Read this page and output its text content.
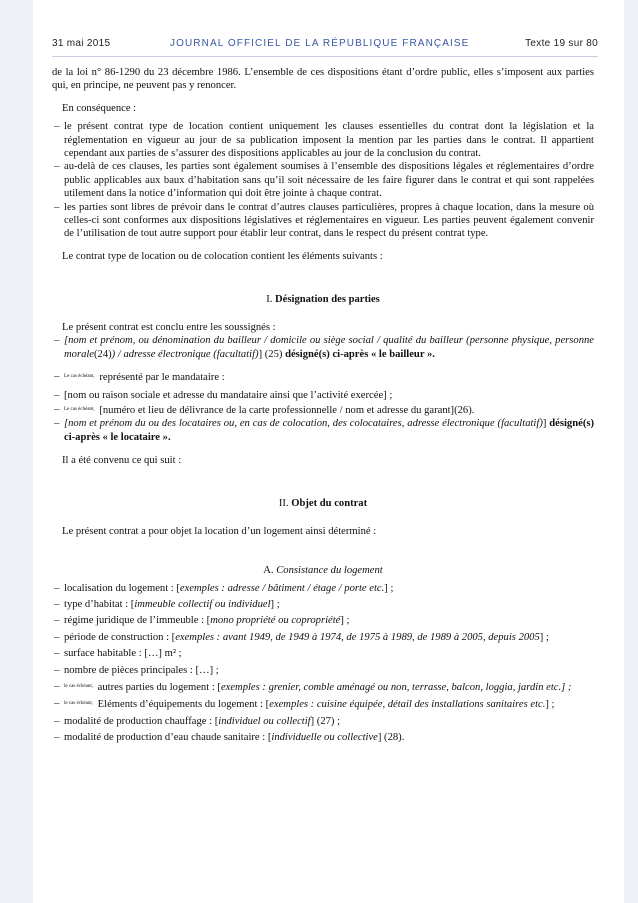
31 mai 2015	JOURNAL OFFICIEL DE LA RÉPUBLIQUE FRANÇAISE	Texte 19 sur 80

de la loi n° 86-1290 du 23 décembre 1986. L’ensemble de ces dispositions étant d’ordre public, elles s’imposent aux parties qui, en principe, ne peuvent pas y renoncer.

En conséquence :

– le présent contrat type de location contient uniquement les clauses essentielles du contrat dont la législation et la réglementation en vigueur au jour de sa publication imposent la mention par les parties dans le contrat. Il appartient cependant aux parties de s’assurer des dispositions applicables au jour de la conclusion du contrat.
– au-delà de ces clauses, les parties sont également soumises à l’ensemble des dispositions légales et réglementaires d’ordre public applicables aux baux d’habitation sans qu’il soit nécessaire de les faire figurer dans le contrat et qui sont rappelées utilement dans la notice d’information qui doit être jointe à chaque contrat.
– les parties sont libres de prévoir dans le contrat d’autres clauses particulières, propres à chaque location, dans la mesure où celles-ci sont conformes aux dispositions législatives et réglementaires en vigueur. Les parties peuvent également convenir de l’utilisation de tout autre support pour établir leur contrat, dans le respect du présent contrat type.

Le contrat type de location ou de colocation contient les éléments suivants :

I. Désignation des parties

Le présent contrat est conclu entre les soussignés :

– [nom et prénom, ou dénomination du bailleur / domicile ou siège social / qualité du bailleur (personne physique, personne morale(24)) / adresse électronique (facultatif)] (25) désigné(s) ci-après « le bailleur ».
– $^{Le cas échéant,}$ représenté par le mandataire :
– [nom ou raison sociale et adresse du mandataire ainsi que l’activité exercée] ;
– $^{Le cas échéant,}$ [numéro et lieu de délivrance de la carte professionnelle / nom et adresse du garant](26).
– [nom et prénom du ou des locataires ou, en cas de colocation, des colocataires, adresse électronique (facultatif)] désigné(s) ci-après « le locataire ».

Il a été convenu ce qui suit :

II. Objet du contrat

Le présent contrat a pour objet la location d’un logement ainsi déterminé :

A. Consistance du logement

– localisation du logement : [exemples : adresse / bâtiment / étage / porte etc.] ;
– type d’habitat : [immeuble collectif ou individuel] ;
– régime juridique de l’immeuble : [mono propriété ou copropriété] ;
– période de construction : [exemples : avant 1949, de 1949 à 1974, de 1975 à 1989, de 1989 à 2005, depuis 2005] ;
– surface habitable : […] m² ;
– nombre de pièces principales : […] ;
– $^{le cas échéant,}$ autres parties du logement : [exemples : grenier, comble aménagé ou non, terrasse, balcon, loggia, jardin etc.] ;
– $^{le cas échéant,}$ Eléments d’équipements du logement : [exemples : cuisine équipée, détail des installations sanitaires etc.] ;
– modalité de production chauffage : [individuel ou collectif] (27) ;
– modalité de production d’eau chaude sanitaire : [individuelle ou collective] (28).
